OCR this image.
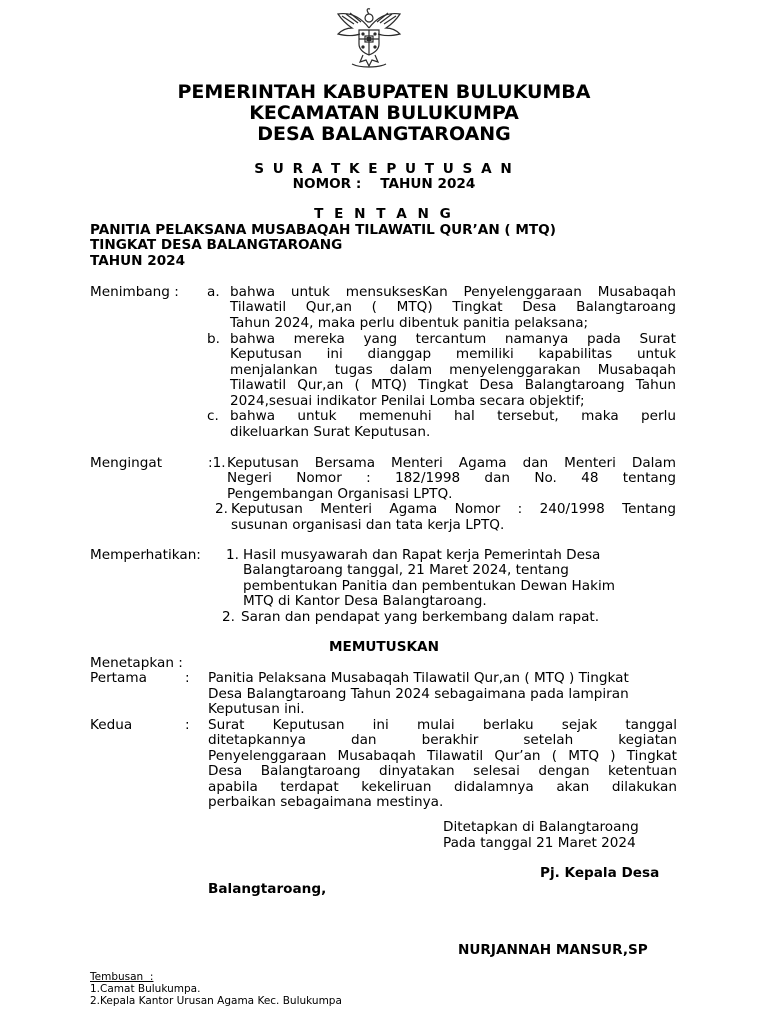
PEMERINTAH KABUPATEN BULUKUMBA
KECAMATAN BULUKUMPA
DESA BALANGTAROANG
S U R A T K E P U T U S A N
NOMOR :    TAHUN 2024
T E N T A N G
PANITIA PELAKSANA MUSABAQAH TILAWATIL QUR’AN ( MTQ)
TINGKAT DESA BALANGTAROANG
TAHUN 2024
Menimbang : a. bahwa untuk mensuksesKan Penyelenggaraan Musabaqah
Tilawatil Qur,an ( MTQ) Tingkat Desa Balangtaroang
Tahun 2024, maka perlu dibentuk panitia pelaksana;
b. bahwa mereka yang tercantum namanya pada Surat
Keputusan ini dianggap memiliki kapabilitas untuk
menjalankan tugas dalam menyelenggarakan Musabaqah
Tilawatil Qur,an ( MTQ) Tingkat Desa Balangtaroang Tahun
2024,sesuai indikator Penilai Lomba secara objektif;
c. bahwa untuk memenuhi hal tersebut, maka perlu
dikeluarkan Surat Keputusan.
Mengingat	:1. Keputusan Bersama Menteri Agama dan Menteri Dalam
Negeri Nomor : 182/1998 dan No. 48 tentang
Pengembangan Organisasi LPTQ.
2. Keputusan Menteri Agama Nomor : 240/1998 Tentang
susunan organisasi dan tata kerja LPTQ.
Memperhatikan: 1. Hasil musyawarah dan Rapat kerja Pemerintah Desa
Balangtaroang tanggal, 21 Maret 2024, tentang
pembentukan Panitia dan pembentukan Dewan Hakim
MTQ di Kantor Desa Balangtaroang.
2. Saran dan pendapat yang berkembang dalam rapat.
MEMUTUSKAN
Menetapkan :
Pertama	: Panitia Pelaksana Musabaqah Tilawatil Qur,an ( MTQ ) Tingkat
Desa Balangtaroang Tahun 2024 sebagaimana pada lampiran
Keputusan ini.
Kedua	: Surat Keputusan ini mulai berlaku sejak tanggal
ditetapkannya dan berakhir setelah kegiatan
Penyelenggaraan Musabaqah Tilawatil Qur’an ( MTQ ) Tingkat
Desa Balangtaroang dinyatakan selesai dengan ketentuan
apabila terdapat kekeliruan didalamnya akan dilakukan
perbaikan sebagaimana mestinya.
Ditetapkan di Balangtaroang
Pada tanggal 21 Maret 2024
Pj. Kepala Desa
Balangtaroang,
NURJANNAH MANSUR,SP
Tembusan  :
1.Camat Bulukumpa.
2.Kepala Kantor Urusan Agama Kec. Bulukumpa
